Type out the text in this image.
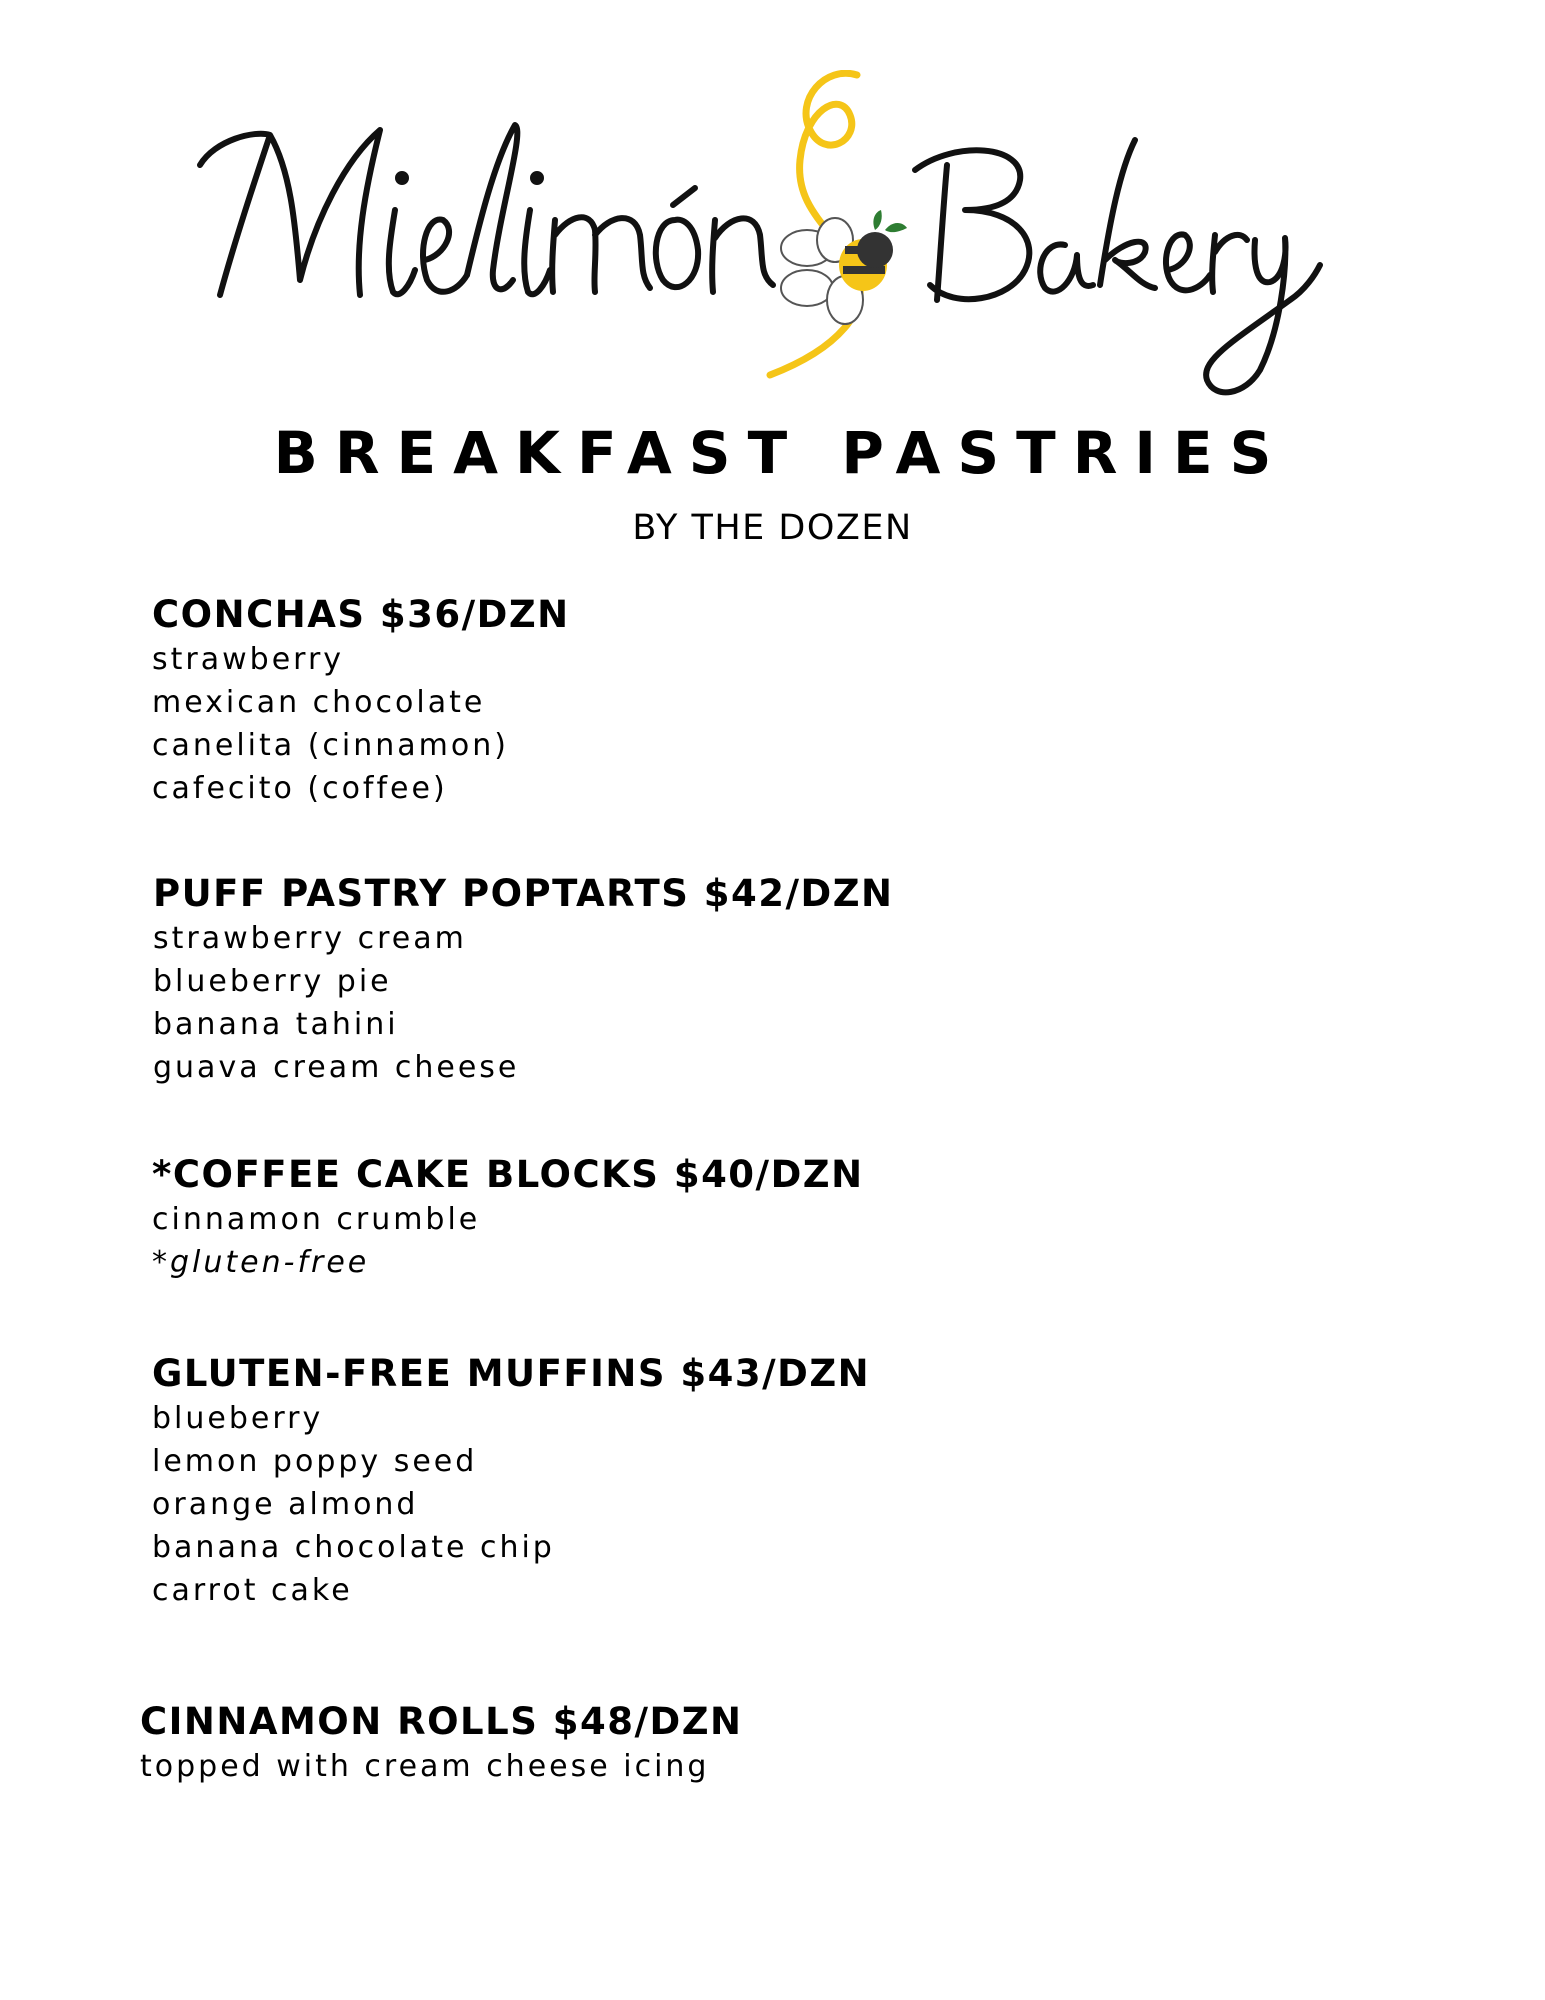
BREAKFAST PASTRIES
BY THE DOZEN
CONCHAS $36/DZN
strawberry
mexican chocolate
canelita (cinnamon)
cafecito (coffee)
PUFF PASTRY POPTARTS $42/DZN
strawberry cream
blueberry pie
banana tahini
guava cream cheese
*COFFEE CAKE BLOCKS $40/DZN
cinnamon crumble
*gluten-free
GLUTEN-FREE MUFFINS $43/DZN
blueberry
lemon poppy seed
orange almond
banana chocolate chip
carrot cake
CINNAMON ROLLS $48/DZN
topped with cream cheese icing
